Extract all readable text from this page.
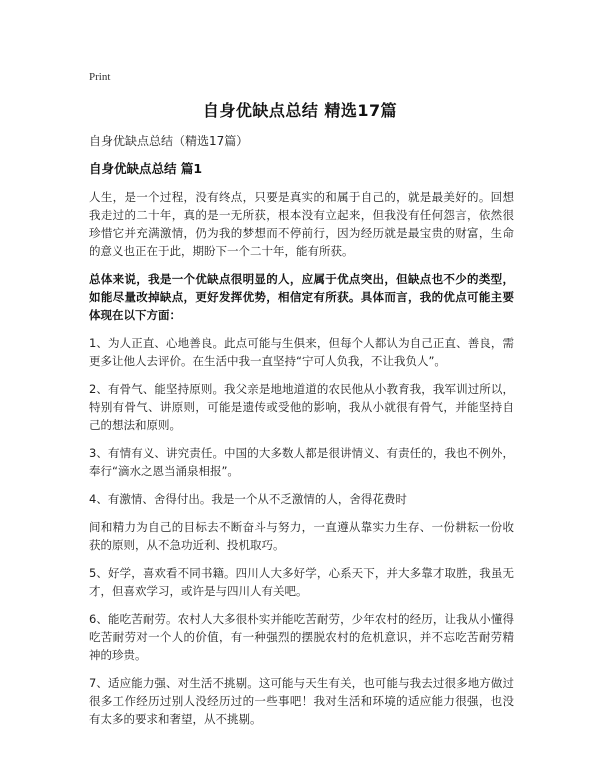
Print
自身优缺点总结 精选17篇
自身优缺点总结（精选17篇）
自身优缺点总结 篇1

人生，是一个过程，没有终点，只要是真实的和属于自己的，就是最美好的。回想我走过的二十年，真的是一无所获，根本没有立起来，但我没有任何怨言，依然很珍惜它并充满激情，仍为我的梦想而不停前行，因为经历就是最宝贵的财富，生命的意义也正在于此，期盼下一个二十年，能有所获。

总体来说，我是一个优缺点很明显的人，应属于优点突出，但缺点也不少的类型，如能尽量改掉缺点，更好发挥优势，相信定有所获。具体而言，我的优点可能主要体现在以下方面：

1、为人正直、心地善良。此点可能与生俱来，但每个人都认为自己正直、善良，需更多让他人去评价。在生活中我一直坚持“宁可人负我，不让我负人”。

2、有骨气、能坚持原则。我父亲是地地道道的农民他从小教育我，我军训过所以，特别有骨气、讲原则，可能是遗传或受他的影响，我从小就很有骨气，并能坚持自己的想法和原则。

3、有情有义、讲究责任。中国的大多数人都是很讲情义、有责任的，我也不例外，奉行“滴水之恩当涌泉相报”。

4、有激情、舍得付出。我是一个从不乏激情的人，舍得花费时

间和精力为自己的目标去不断奋斗与努力，一直遵从靠实力生存、一份耕耘一份收获的原则，从不急功近利、投机取巧。

5、好学，喜欢看不同书籍。四川人大多好学，心系天下，并大多靠才取胜，我虽无才，但喜欢学习，或许是与四川人有关吧。

6、能吃苦耐劳。农村人大多很朴实并能吃苦耐劳，少年农村的经历，让我从小懂得吃苦耐劳对一个人的价值，有一种强烈的摆脱农村的危机意识，并不忘吃苦耐劳精神的珍贵。

7、适应能力强、对生活不挑剔。这可能与天生有关，也可能与我去过很多地方做过很多工作经历过别人没经历过的一些事吧！我对生活和环境的适应能力很强，也没有太多的要求和奢望，从不挑剔。
